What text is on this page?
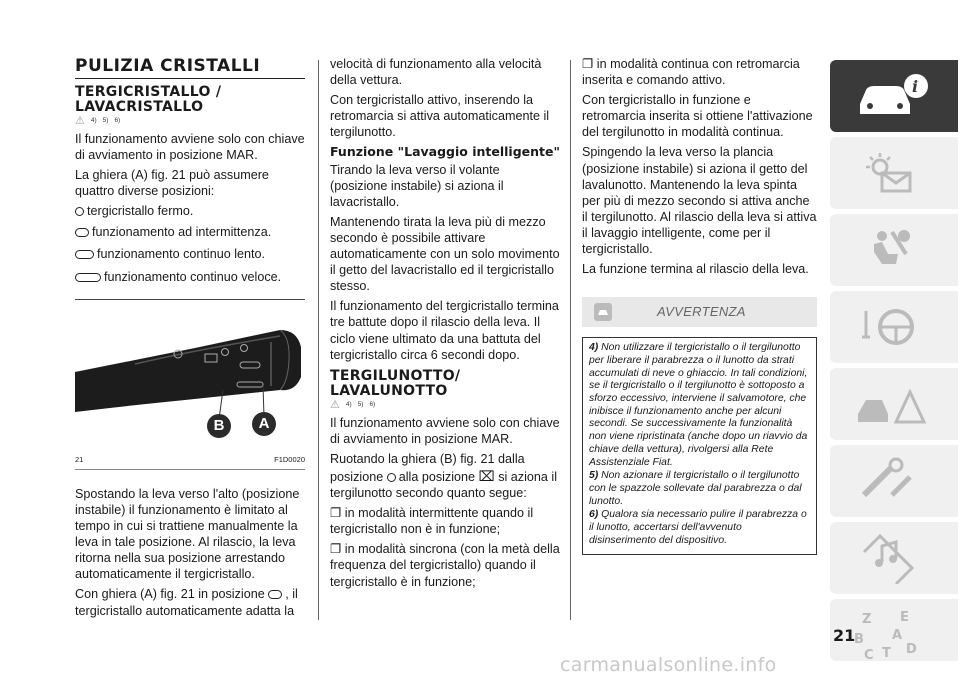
PULIZIA CRISTALLI
TERGICRISTALLO /
LAVACRISTALLO
⚠ 4) 5) 6)

Il funzionamento avviene solo con chiave di avviamento in posizione MAR.

La ghiera (A) fig. 21 può assumere quattro diverse posizioni:

tergicristallo fermo.
funzionamento ad intermittenza.
funzionamento continuo lento.
funzionamento continuo veloce.
B	A
21	F1D0020

Spostando la leva verso l'alto (posizione instabile) il funzionamento è limitato al tempo in cui si trattiene manualmente la leva in tale posizione. Al rilascio, la leva ritorna nella sua posizione arrestando automaticamente il tergicristallo.

Con ghiera (A) fig. 21 in posizione , il tergicristallo automaticamente adatta la

velocità di funzionamento alla velocità della vettura.

Con tergicristallo attivo, inserendo la retromarcia si attiva automaticamente il tergilunotto.

Funzione "Lavaggio intelligente"

Tirando la leva verso il volante (posizione instabile) si aziona il lavacristallo.

Mantenendo tirata la leva più di mezzo secondo è possibile attivare automaticamente con un solo movimento il getto del lavacristallo ed il tergicristallo stesso.

Il funzionamento del tergicristallo termina tre battute dopo il rilascio della leva. Il ciclo viene ultimato da una battuta del tergicristallo circa 6 secondi dopo.

TERGILUNOTTO/
LAVALUNOTTO
⚠ 4) 5) 6)

Il funzionamento avviene solo con chiave di avviamento in posizione MAR.

Ruotando la ghiera (B) fig. 21 dalla

posizione alla posizione ⌧ si aziona il tergilunotto secondo quanto segue:

❐ in modalità intermittente quando il tergicristallo non è in funzione;

❐ in modalità sincrona (con la metà della frequenza del tergicristallo) quando il tergicristallo è in funzione;

❐ in modalità continua con retromarcia inserita e comando attivo.

Con tergicristallo in funzione e retromarcia inserita si ottiene l'attivazione del tergilunotto in modalità continua.

Spingendo la leva verso la plancia (posizione instabile) si aziona il getto del lavalunotto. Mantenendo la leva spinta per più di mezzo secondo si attiva anche il tergilunotto. Al rilascio della leva si attiva il lavaggio intelligente, come per il tergicristallo.

La funzione termina al rilascio della leva.

AVVERTENZA

4) Non utilizzare il tergicristallo o il tergilunotto per liberare il parabrezza o il lunotto da strati accumulati di neve o ghiaccio. In tali condizioni, se il tergicristallo o il tergilunotto è sottoposto a sforzo eccessivo, interviene il salvamotore, che inibisce il funzionamento anche per alcuni secondi. Se successivamente la funzionalità non viene ripristinata (anche dopo un riavvio da chiave della vettura), rivolgersi alla Rete Assistenziale Fiat.

5) Non azionare il tergicristallo o il tergilunotto con le spazzole sollevate dal parabrezza o dal lunotto.

6) Qualora sia necessario pulire il parabrezza o il lunotto, accertarsi dell'avvenuto disinserimento del dispositivo.

i
Z E
B A
C T D
21
carmanualsonline.info
